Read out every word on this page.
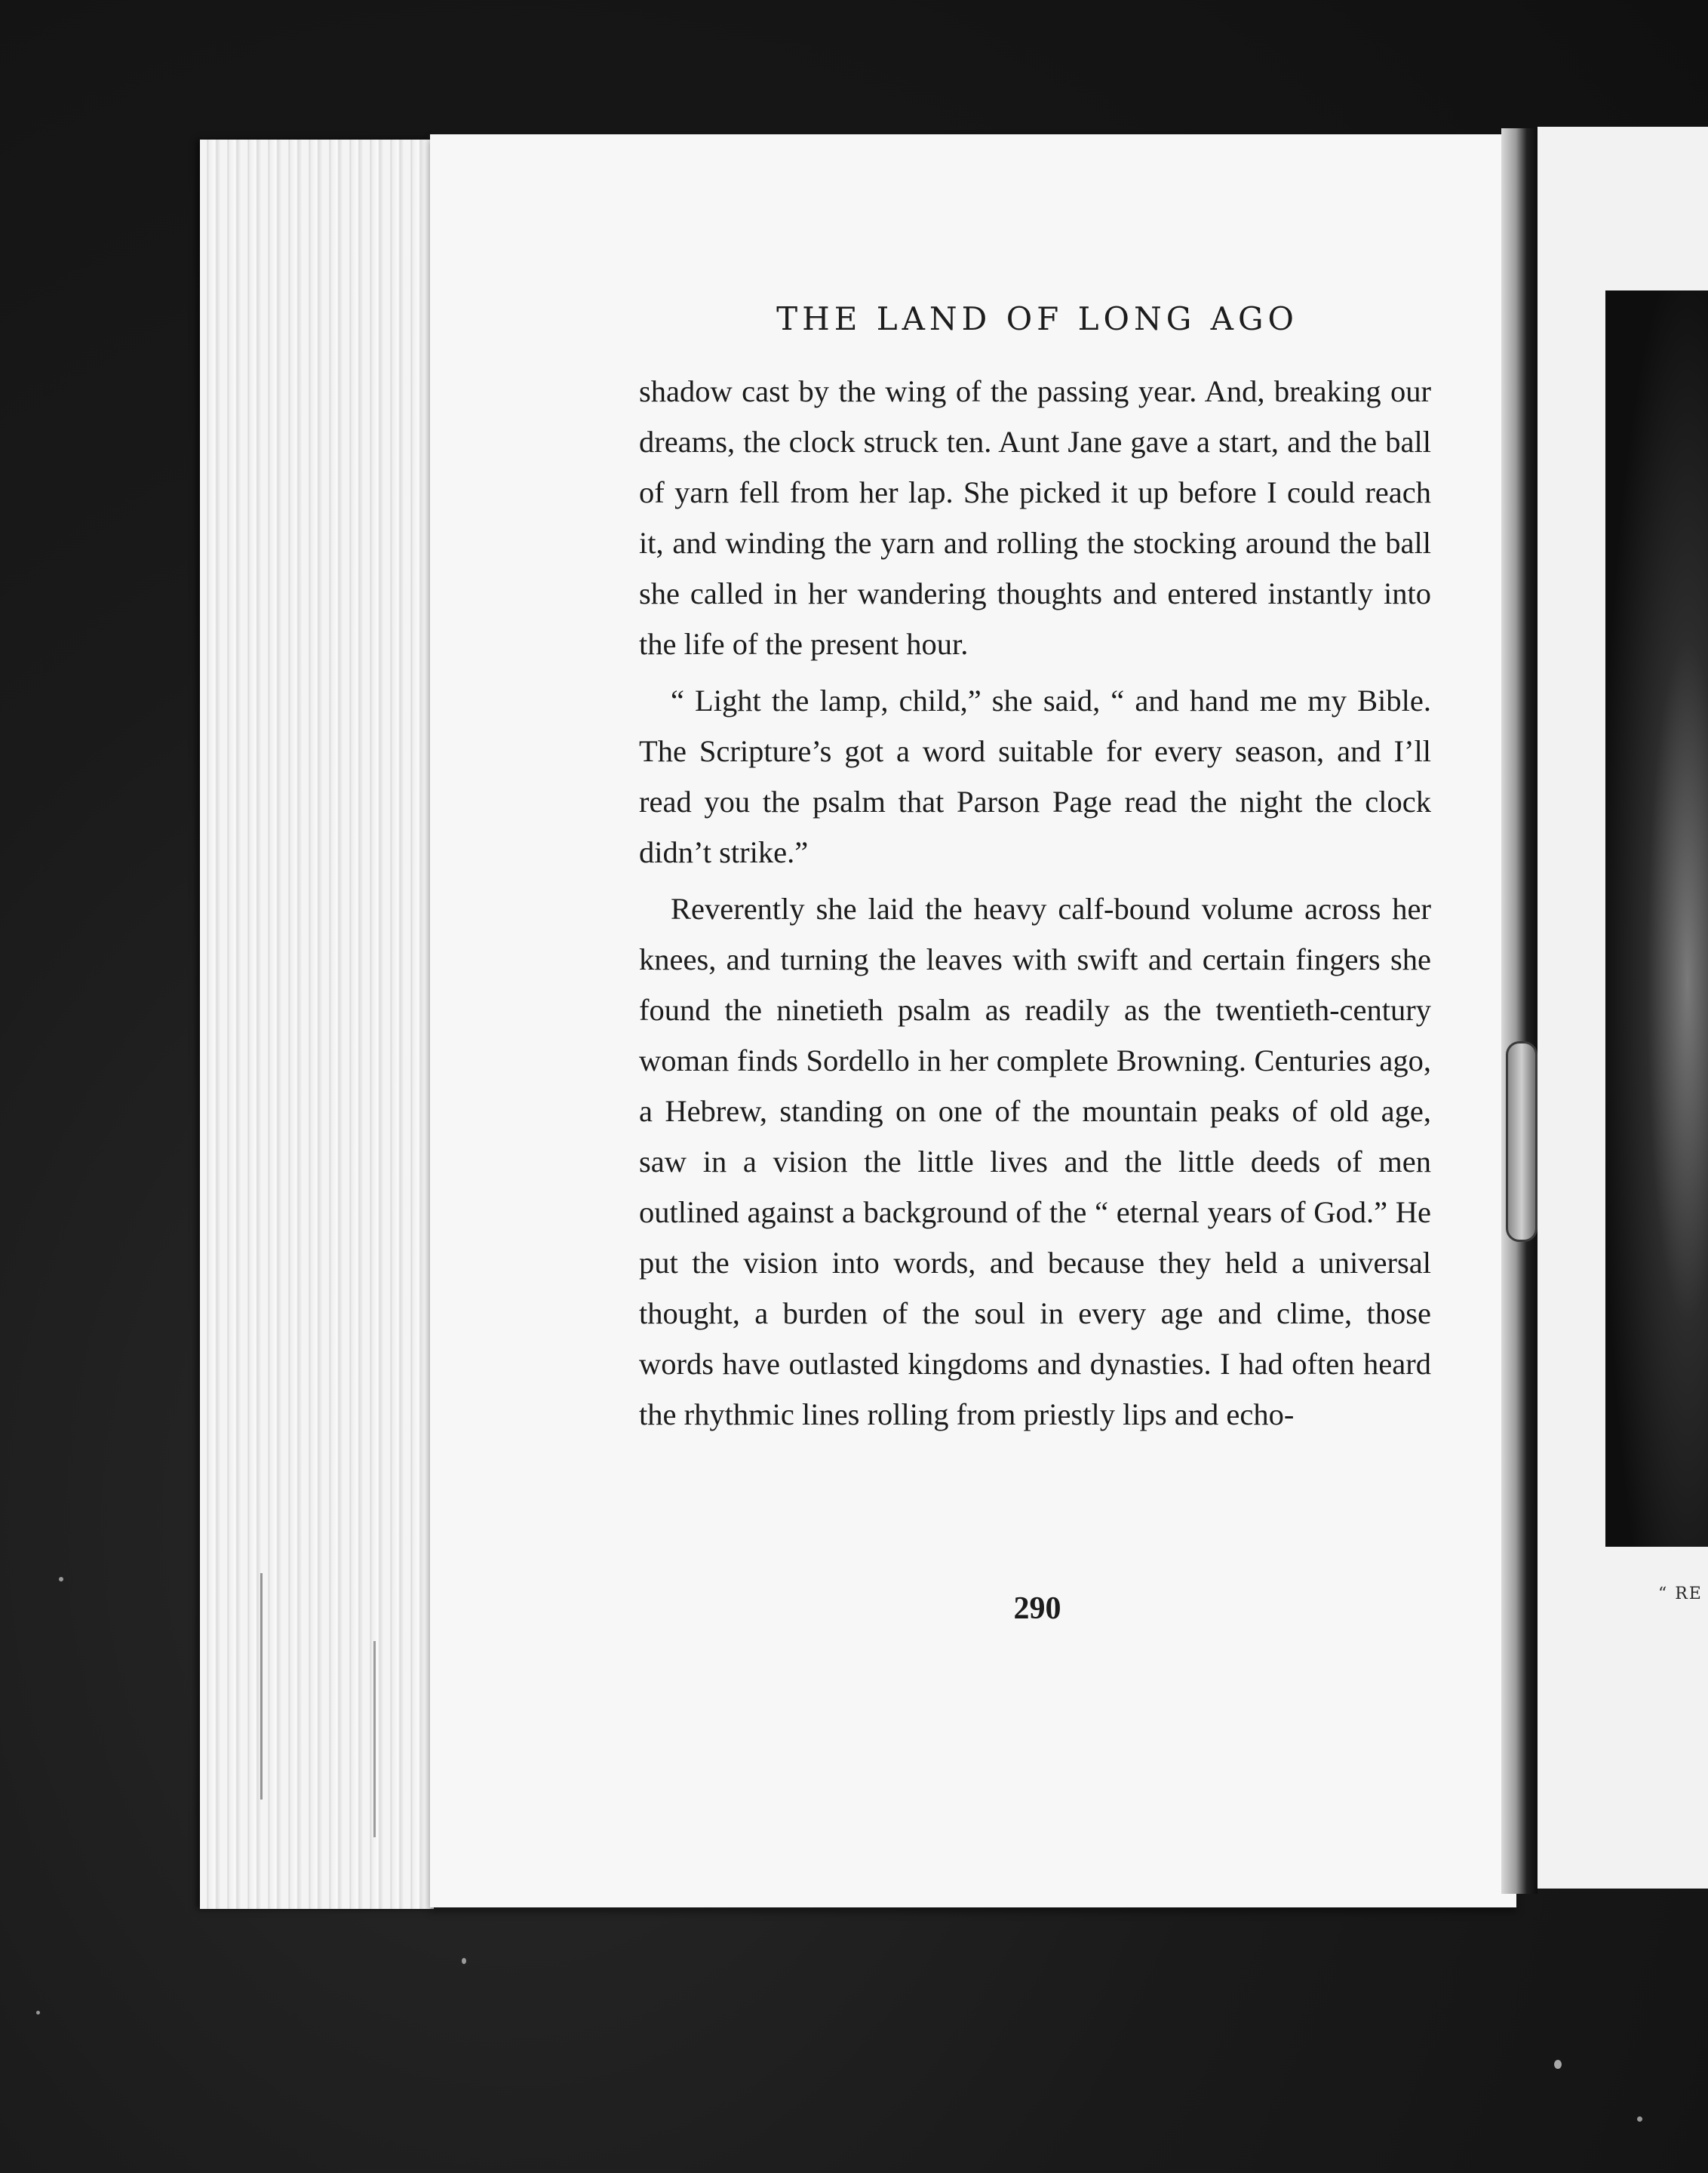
“ RE
THE LAND OF LONG AGO

shadow cast by the wing of the passing year. And, breaking our dreams, the clock struck ten. Aunt Jane gave a start, and the ball of yarn fell from her lap. She picked it up before I could reach it, and winding the yarn and rolling the stocking around the ball she called in her wandering thoughts and entered instantly into the life of the present hour.

“ Light the lamp, child,” she said, “ and hand me my Bible. The Scripture’s got a word suitable for every season, and I’ll read you the psalm that Parson Page read the night the clock didn’t strike.”

Reverently she laid the heavy calf-bound volume across her knees, and turning the leaves with swift and certain fingers she found the ninetieth psalm as readily as the twentieth-century woman finds Sordello in her complete Browning. Centuries ago, a Hebrew, standing on one of the mountain peaks of old age, saw in a vision the little lives and the little deeds of men outlined against a background of the “ eternal years of God.” He put the vision into words, and because they held a universal thought, a burden of the soul in every age and clime, those words have outlasted kingdoms and dynasties. I had often heard the rhythmic lines rolling from priestly lips and echo-

290
